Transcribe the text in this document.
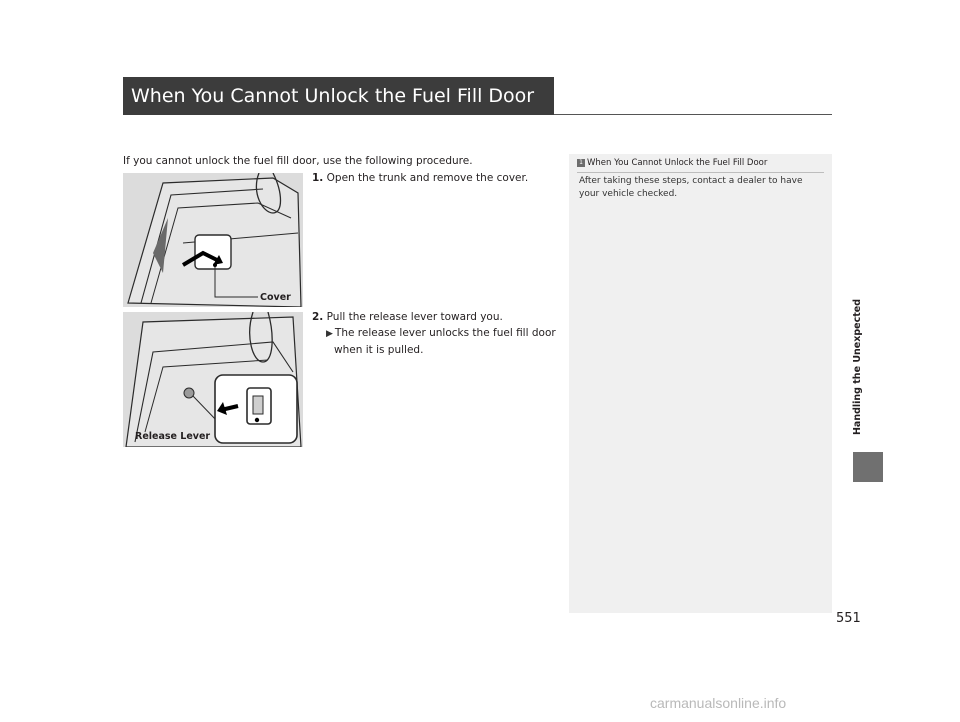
When You Cannot Unlock the Fuel Fill Door
If you cannot unlock the fuel fill door, use the following procedure.
Cover
Release Lever
1. Open the trunk and remove the cover.
2. Pull the release lever toward you.
▶ The release lever unlocks the fuel fill door when it is pulled.
1 When You Cannot Unlock the Fuel Fill Door
After taking these steps, contact a dealer to have your vehicle checked.
Handling the Unexpected
551
carmanualsonline.info
